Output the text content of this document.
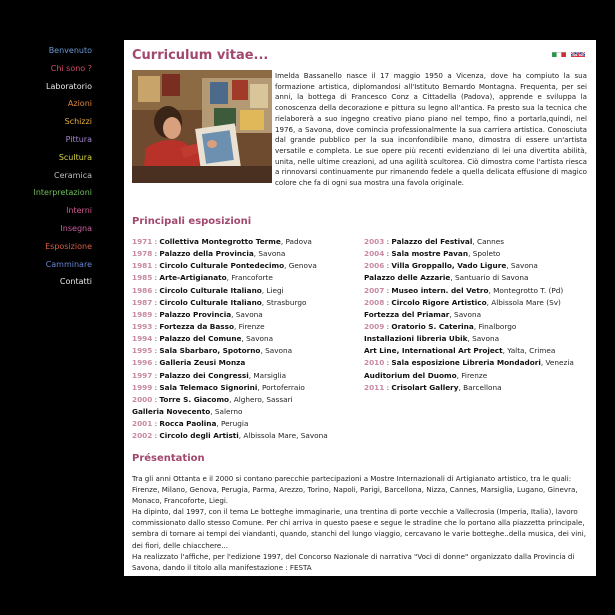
Benvenuto
Chi sono ?
Laboratorio
Azioni
Schizzi
Pittura
Scultura
Ceramica
Interpretazioni
Interni
Insegna
Esposizione
Camminare
Contatti
Curriculum vitae...

Imelda Bassanello nasce il 17 maggio 1950 a Vicenza, dove ha compiuto la sua formazione artistica, diplomandosi all'Istituto Bernardo Montagna. Frequenta, per sei anni, la bottega di Francesco Conz a Cittadella (Padova), apprende e sviluppa la conoscenza della decorazione e pittura su legno all'antica. Fa presto sua la tecnica che rielaborerà a suo ingegno creativo piano piano nel tempo, fino a portarla,quindi, nel 1976, a Savona, dove comincia professionalmente la sua carriera artistica. Conosciuta dal grande pubblico per la sua inconfondibile mano, dimostra di essere un'artista versatile e completa. Le sue opere più recenti evidenziano di lei una divertita abilità, unita, nelle ultime creazioni, ad una agilità scultorea. Ciò dimostra come l'artista riesca a rinnovarsi continuamente pur rimanendo fedele a quella delicata effusione di magico colore che fa di ogni sua mostra una favola originale.

Principali esposizioni
1971 : Collettiva Montegrotto Terme, Padova
1978 : Palazzo della Provincia, Savona
1981 : Circolo Culturale Pontedecimo, Genova
1985 : Arte-Artigianato, Francoforte
1986 : Circolo Culturale Italiano, Liegi
1987 : Circolo Culturale Italiano, Strasburgo
1989 : Palazzo Provincia, Savona
1993 : Fortezza da Basso, Firenze
1994 : Palazzo del Comune, Savona
1995 : Sala Sbarbaro, Spotorno, Savona
1996 : Galleria Zeusi Monza
1997 : Palazzo dei Congressi, Marsiglia
1999 : Sala Telemaco Signorini, Portoferraio
2000 : Torre S. Giacomo, Alghero, Sassari
Galleria Novecento, Salerno
2001 : Rocca Paolina, Perugia
2002 : Circolo degli Artisti, Albissola Mare, Savona
2003 : Palazzo del Festival, Cannes
2004 : Sala mostre Pavan, Spoleto
2006 : Villa Groppallo, Vado Ligure, Savona
Palazzo delle Azzarie, Santuario di Savona
2007 : Museo intern. del Vetro, Montegrotto T. (Pd)
2008 : Circolo Rigore Artistico, Albissola Mare (Sv)
Fortezza del Priamar, Savona
2009 : Oratorio S. Caterina, Finalborgo
Installazioni libreria Ubik, Savona
Art Line, International Art Project, Yalta, Crimea
2010 : Sala esposizione Libreria Mondadori, Venezia
Auditorium del Duomo, Firenze
2011 : Crisolart Gallery, Barcellona
Présentation

Tra gli anni Ottanta e il 2000 si contano parecchie partecipazioni a Mostre Internazionali di Artigianato artistico, tra le quali: Firenze, Milano, Genova, Perugia, Parma, Arezzo, Torino, Napoli, Parigi, Barcellona, Nizza, Cannes, Marsiglia, Lugano, Ginevra, Monaco, Francoforte, Liegi.

Ha dipinto, dal 1997, con il tema Le botteghe immaginarie, una trentina di porte vecchie a Vallecrosia (Imperia, Italia), lavoro commissionato dallo stesso Comune. Per chi arriva in questo paese e segue le stradine che lo portano alla piazzetta principale, sembra di tornare ai tempi dei viandanti, quando, stanchi del lungo viaggio, cercavano le varie botteghe..della musica, dei vini, dei fiori, delle chiacchere...

Ha realizzato l'affiche, per l'edizione 1997, del Concorso Nazionale di narrativa "Voci di donne" organizzato dalla Provincia di Savona, dando il titolo alla manifestazione : FESTA
